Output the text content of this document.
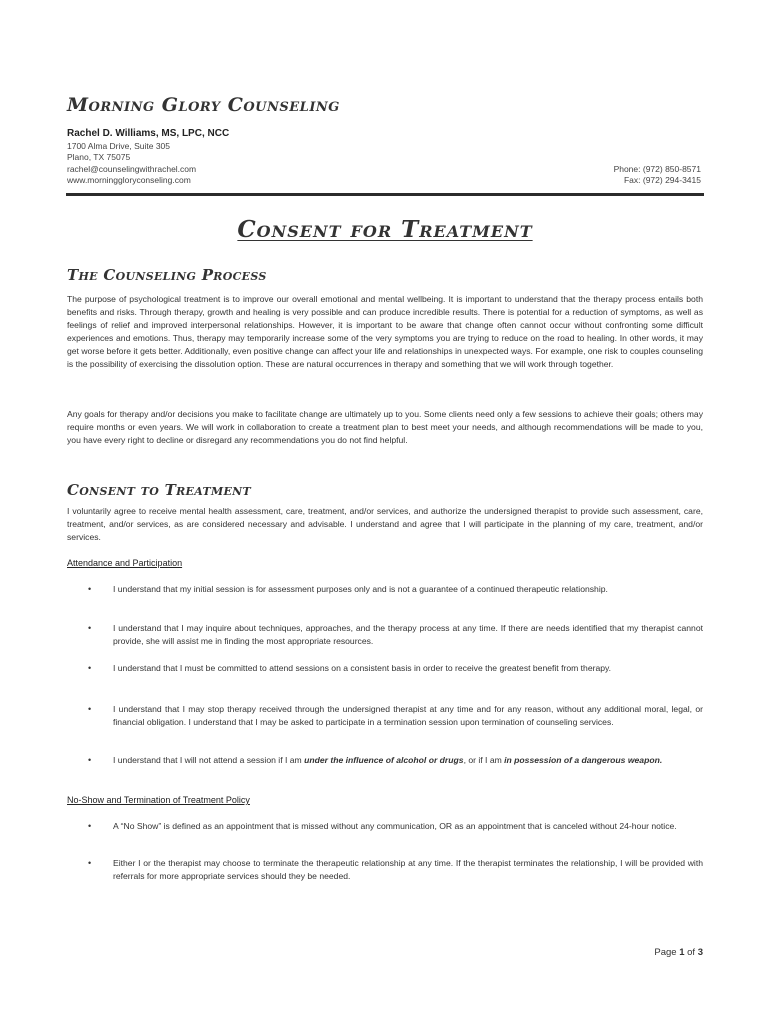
Morning Glory Counseling
Rachel D. Williams, MS, LPC, NCC
1700 Alma Drive, Suite 305
Plano, TX 75075
rachel@counselingwithrachel.com
www.morninggloryconseling.com
Phone: (972) 850-8571
Fax: (972) 294-3415
Consent for Treatment
The Counseling Process

The purpose of psychological treatment is to improve our overall emotional and mental wellbeing. It is important to understand that the therapy process entails both benefits and risks. Through therapy, growth and healing is very possible and can produce incredible results. There is potential for a reduction of symptoms, as well as feelings of relief and improved interpersonal relationships. However, it is important to be aware that change often cannot occur without confronting some difficult experiences and emotions. Thus, therapy may temporarily increase some of the very symptoms you are trying to reduce on the road to healing. In other words, it may get worse before it gets better. Additionally, even positive change can affect your life and relationships in unexpected ways. For example, one risk to couples counseling is the possibility of exercising the dissolution option. These are natural occurrences in therapy and something that we will work through together.

Any goals for therapy and/or decisions you make to facilitate change are ultimately up to you. Some clients need only a few sessions to achieve their goals; others may require months or even years. We will work in collaboration to create a treatment plan to best meet your needs, and although recommendations will be made to you, you have every right to decline or disregard any recommendations you do not find helpful.

Consent to Treatment

I voluntarily agree to receive mental health assessment, care, treatment, and/or services, and authorize the undersigned therapist to provide such assessment, care, treatment, and/or services, as are considered necessary and advisable. I understand and agree that I will participate in the planning of my care, treatment, and/or services.

Attendance and Participation
•	I understand that my initial session is for assessment purposes only and is not a guarantee of a continued therapeutic relationship.
•	I understand that I may inquire about techniques, approaches, and the therapy process at any time. If there are needs identified that my therapist cannot provide, she will assist me in finding the most appropriate resources.
•	I understand that I must be committed to attend sessions on a consistent basis in order to receive the greatest benefit from therapy.
•	I understand that I may stop therapy received through the undersigned therapist at any time and for any reason, without any additional moral, legal, or financial obligation. I understand that I may be asked to participate in a termination session upon termination of counseling services.
•	I understand that I will not attend a session if I am under the influence of alcohol or drugs, or if I am in possession of a dangerous weapon.
No-Show and Termination of Treatment Policy
•	A “No Show” is defined as an appointment that is missed without any communication, OR as an appointment that is canceled without 24-hour notice.
•	Either I or the therapist may choose to terminate the therapeutic relationship at any time. If the therapist terminates the relationship, I will be provided with referrals for more appropriate services should they be needed.
Page 1 of 3
